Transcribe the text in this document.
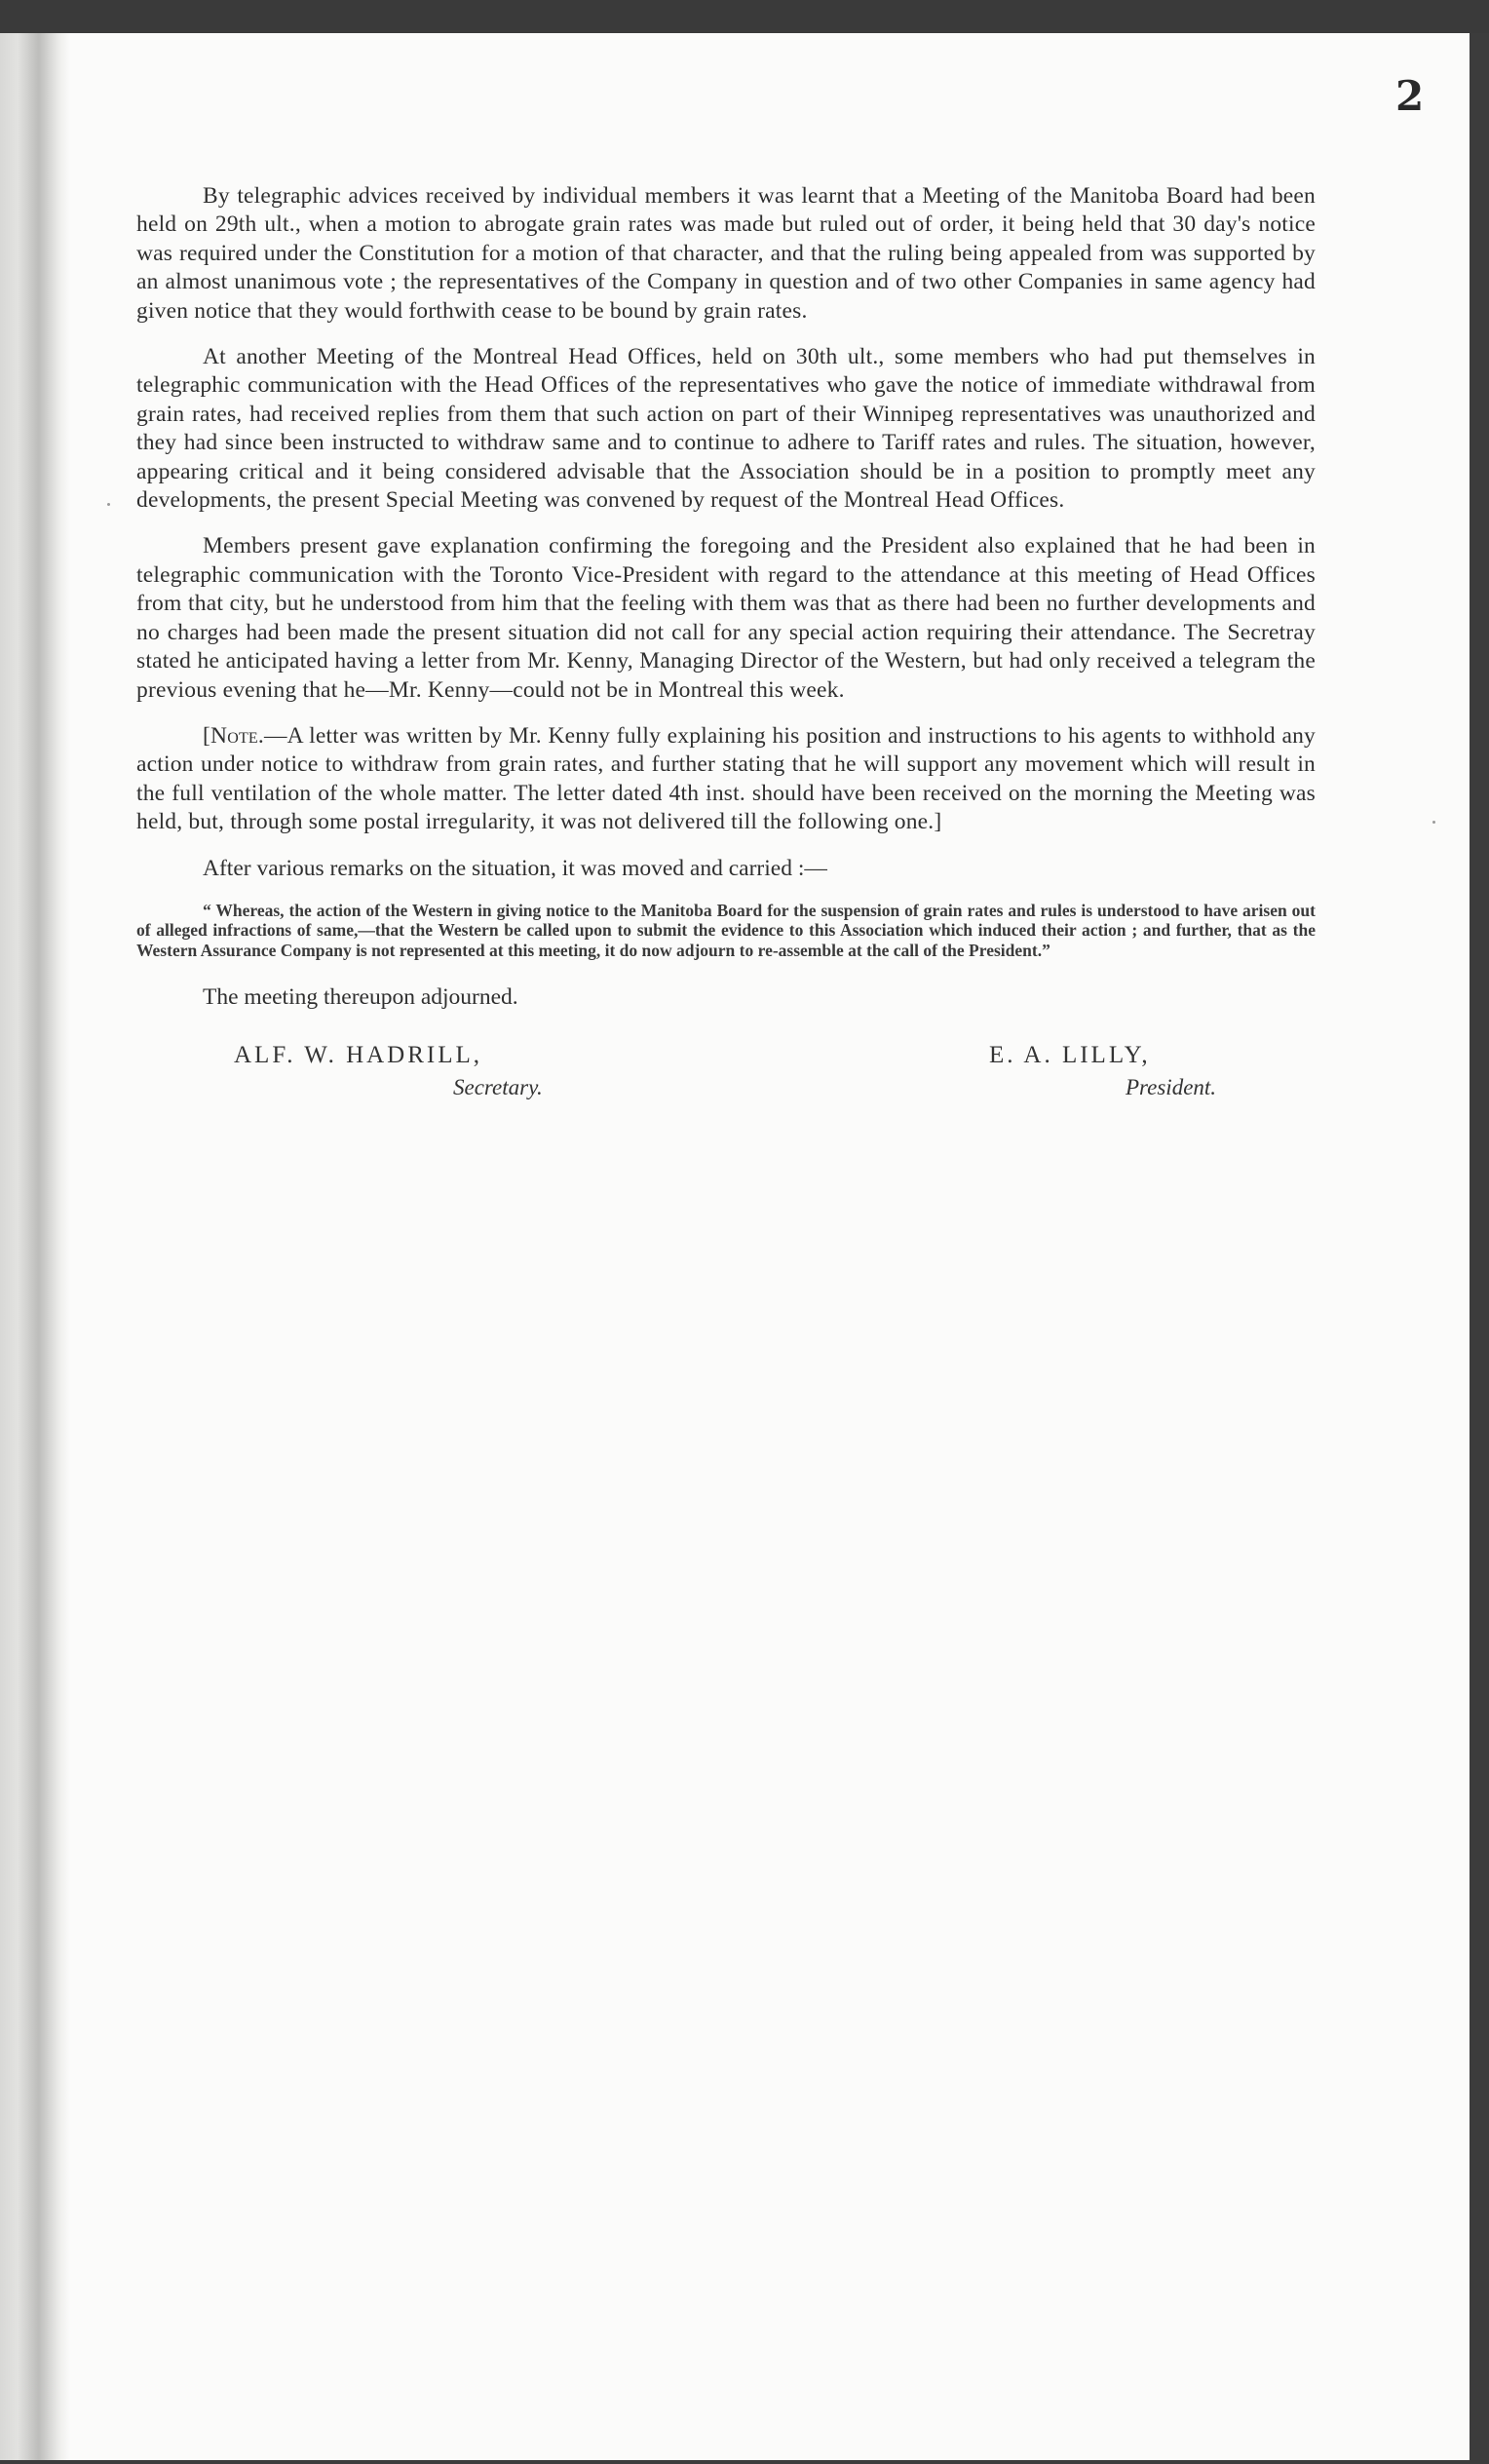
2

By telegraphic advices received by individual members it was learnt that a Meeting of the Manitoba Board had been held on 29th ult., when a motion to abrogate grain rates was made but ruled out of order, it being held that 30 day's notice was required under the Constitution for a motion of that character, and that the ruling being appealed from was supported by an almost unanimous vote ; the representatives of the Company in question and of two other Companies in same agency had given notice that they would forthwith cease to be bound by grain rates.

At another Meeting of the Montreal Head Offices, held on 30th ult., some members who had put themselves in telegraphic communication with the Head Offices of the representatives who gave the notice of immediate withdrawal from grain rates, had received replies from them that such action on part of their Winnipeg representatives was unauthorized and they had since been instructed to withdraw same and to continue to adhere to Tariff rates and rules. The situation, however, appearing critical and it being considered advisable that the Association should be in a position to promptly meet any developments, the present Special Meeting was convened by request of the Montreal Head Offices.

Members present gave explanation confirming the foregoing and the President also explained that he had been in telegraphic communication with the Toronto Vice-President with regard to the attendance at this meeting of Head Offices from that city, but he understood from him that the feeling with them was that as there had been no further developments and no charges had been made the present situation did not call for any special action requiring their attendance. The Secretray stated he anticipated having a letter from Mr. Kenny, Managing Director of the Western, but had only received a telegram the previous evening that he—Mr. Kenny—could not be in Montreal this week.

[Note.—A letter was written by Mr. Kenny fully explaining his position and instructions to his agents to withhold any action under notice to withdraw from grain rates, and further stating that he will support any movement which will result in the full ventilation of the whole matter. The letter dated 4th inst. should have been received on the morning the Meeting was held, but, through some postal irregularity, it was not delivered till the following one.]

After various remarks on the situation, it was moved and carried :—

“ Whereas, the action of the Western in giving notice to the Manitoba Board for the suspension of grain rates and rules is understood to have arisen out of alleged infractions of same,—that the Western be called upon to submit the evidence to this Association which induced their action ; and further, that as the Western Assurance Company is not represented at this meeting, it do now adjourn to re-assemble at the call of the President.”

The meeting thereupon adjourned.

ALF. W. HADRILL,
Secretary.
E. A. LILLY,
President.
